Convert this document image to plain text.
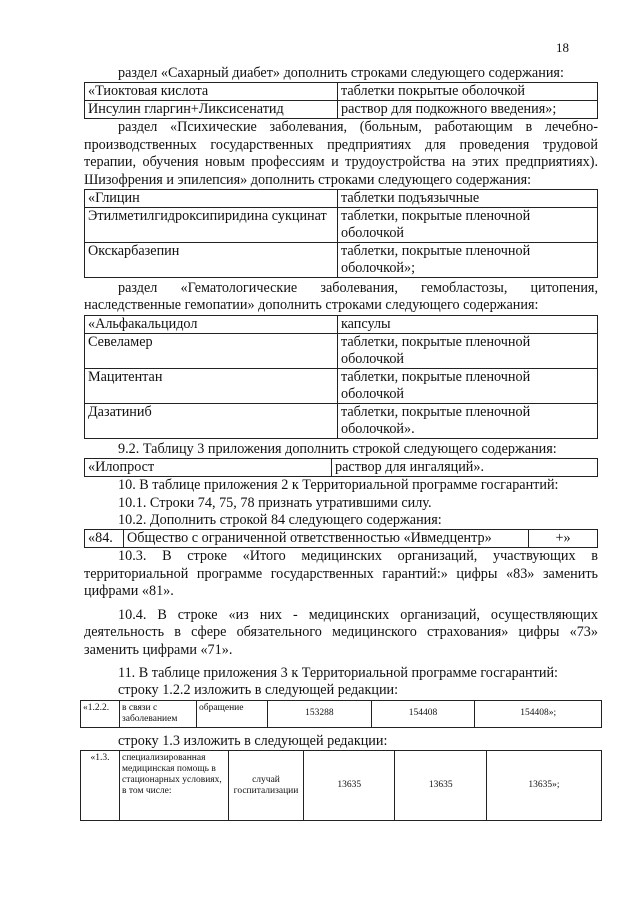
18

раздел «Сахарный диабет» дополнить строками следующего содержания:

«Тиоктовая кислота	таблетки покрытые оболочкой
Инсулин гларгин+Ликсисенатид	раствор для подкожного введения»;

раздел «Психические заболевания, (больным, работающим в лечебно-производственных государственных предприятиях для проведения трудовой терапии, обучения новым профессиям и трудоустройства на этих предприятиях). Шизофрения и эпилепсия» дополнить строками следующего содержания:

«Глицин	таблетки подъязычные
Этилметилгидроксипиридина сукцинат	таблетки, покрытые пленочной оболочкой
Окскарбазепин	таблетки, покрытые пленочной оболочкой»;

раздел «Гематологические заболевания, гемобластозы, цитопения, наследственные гемопатии» дополнить строками следующего содержания:

«Альфакальцидол	капсулы
Севеламер	таблетки, покрытые пленочной оболочкой
Мацитентан	таблетки, покрытые пленочной оболочкой
Дазатиниб	таблетки, покрытые пленочной оболочкой».

9.2. Таблицу 3 приложения дополнить строкой следующего содержания:

«Илопрост	раствор для ингаляций».

10. В таблице приложения 2 к Территориальной программе госгарантий:

10.1. Строки 74, 75, 78 признать утратившими силу.

10.2. Дополнить строкой 84 следующего содержания:

«84.	Общество с ограниченной ответственностью «Ивмедцентр»	+»

10.3. В строке «Итого медицинских организаций, участвующих в территориальной программе государственных гарантий:» цифры «83» заменить цифрами «81».

10.4. В строке «из них - медицинских организаций, осуществляющих деятельность в сфере обязательного медицинского страхования» цифры «73» заменить цифрами «71».

11. В таблице приложения 3 к Территориальной программе госгарантий:

строку 1.2.2 изложить в следующей редакции:

«1.2.2.	в связи с заболеванием	обращение	153288	154408	154408»;

строку 1.3 изложить в следующей редакции:

«1.3.	специализированная медицинская помощь в стационарных условиях, в том числе:	случай госпитализации	13635	13635	13635»;
